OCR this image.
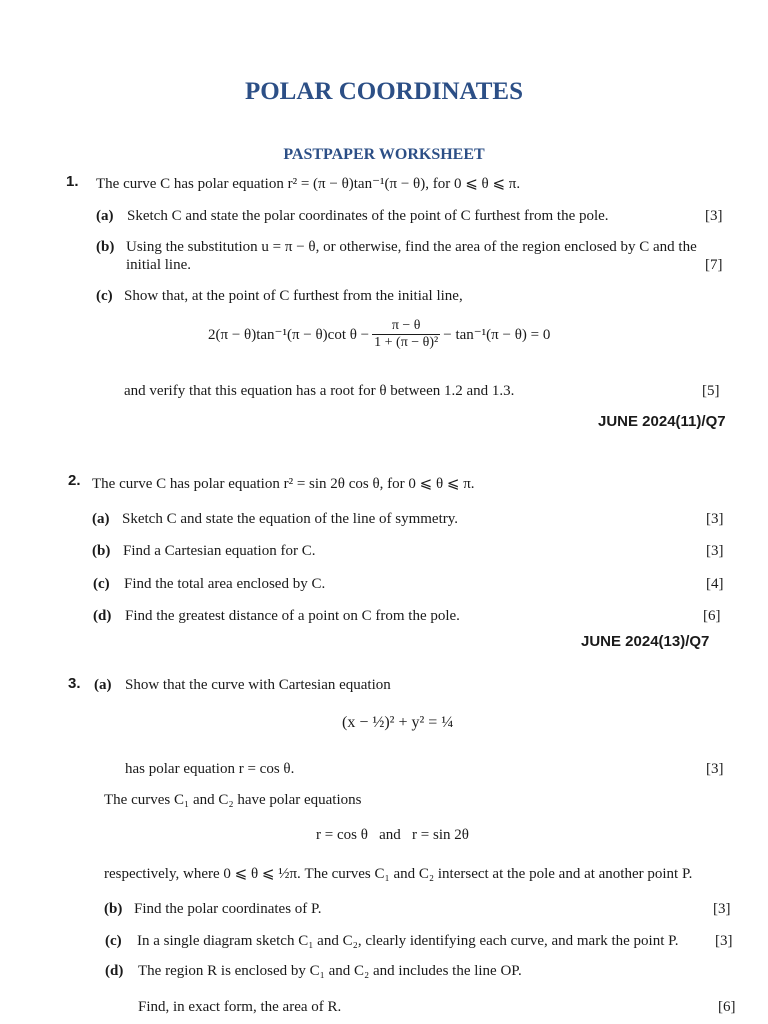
POLAR COORDINATES
PASTPAPER WORKSHEET
1. The curve C has polar equation r² = (π − θ)tan⁻¹(π − θ), for 0 ⩽ θ ⩽ π.
(a) Sketch C and state the polar coordinates of the point of C furthest from the pole.	[3]
(b) Using the substitution u = π − θ, or otherwise, find the area of the region enclosed by C and the
initial line.	[7]
(c) Show that, at the point of C furthest from the initial line,
2(π − θ)tan⁻¹(π − θ)cot $\theta - \frac{\pi - \theta}{\text{1 + (π − θ)²}} - \tan^{-1}(\pi - \theta) = 0$
and verify that this equation has a root for θ between 1.2 and 1.3.	[5]
JUNE 2024(11)/Q7
2. The curve C has polar equation r² = sin 2θ cos θ, for 0 ⩽ θ ⩽ π.
(a) Sketch C and state the equation of the line of symmetry.	[3]
(b) Find a Cartesian equation for C.	[3]
(c) Find the total area enclosed by C.	[4]
(d) Find the greatest distance of a point on C from the pole.	[6]
JUNE 2024(13)/Q7
3. (a) Show that the curve with Cartesian equation
(x − ½)² + y² = ¼
has polar equation r = cos θ.	[3]
The curves C₁ and C₂ have polar equations
r = cos θ   and   r = sin 2θ
respectively, where 0 ⩽ θ ⩽ ½π. The curves C₁ and C₂ intersect at the pole and at another point P.
(b) Find the polar coordinates of P.	[3]
(c) In a single diagram sketch C₁ and C₂, clearly identifying each curve, and mark the point P. [3]
(d) The region R is enclosed by C₁ and C₂ and includes the line OP.
Find, in exact form, the area of R.	[6]
